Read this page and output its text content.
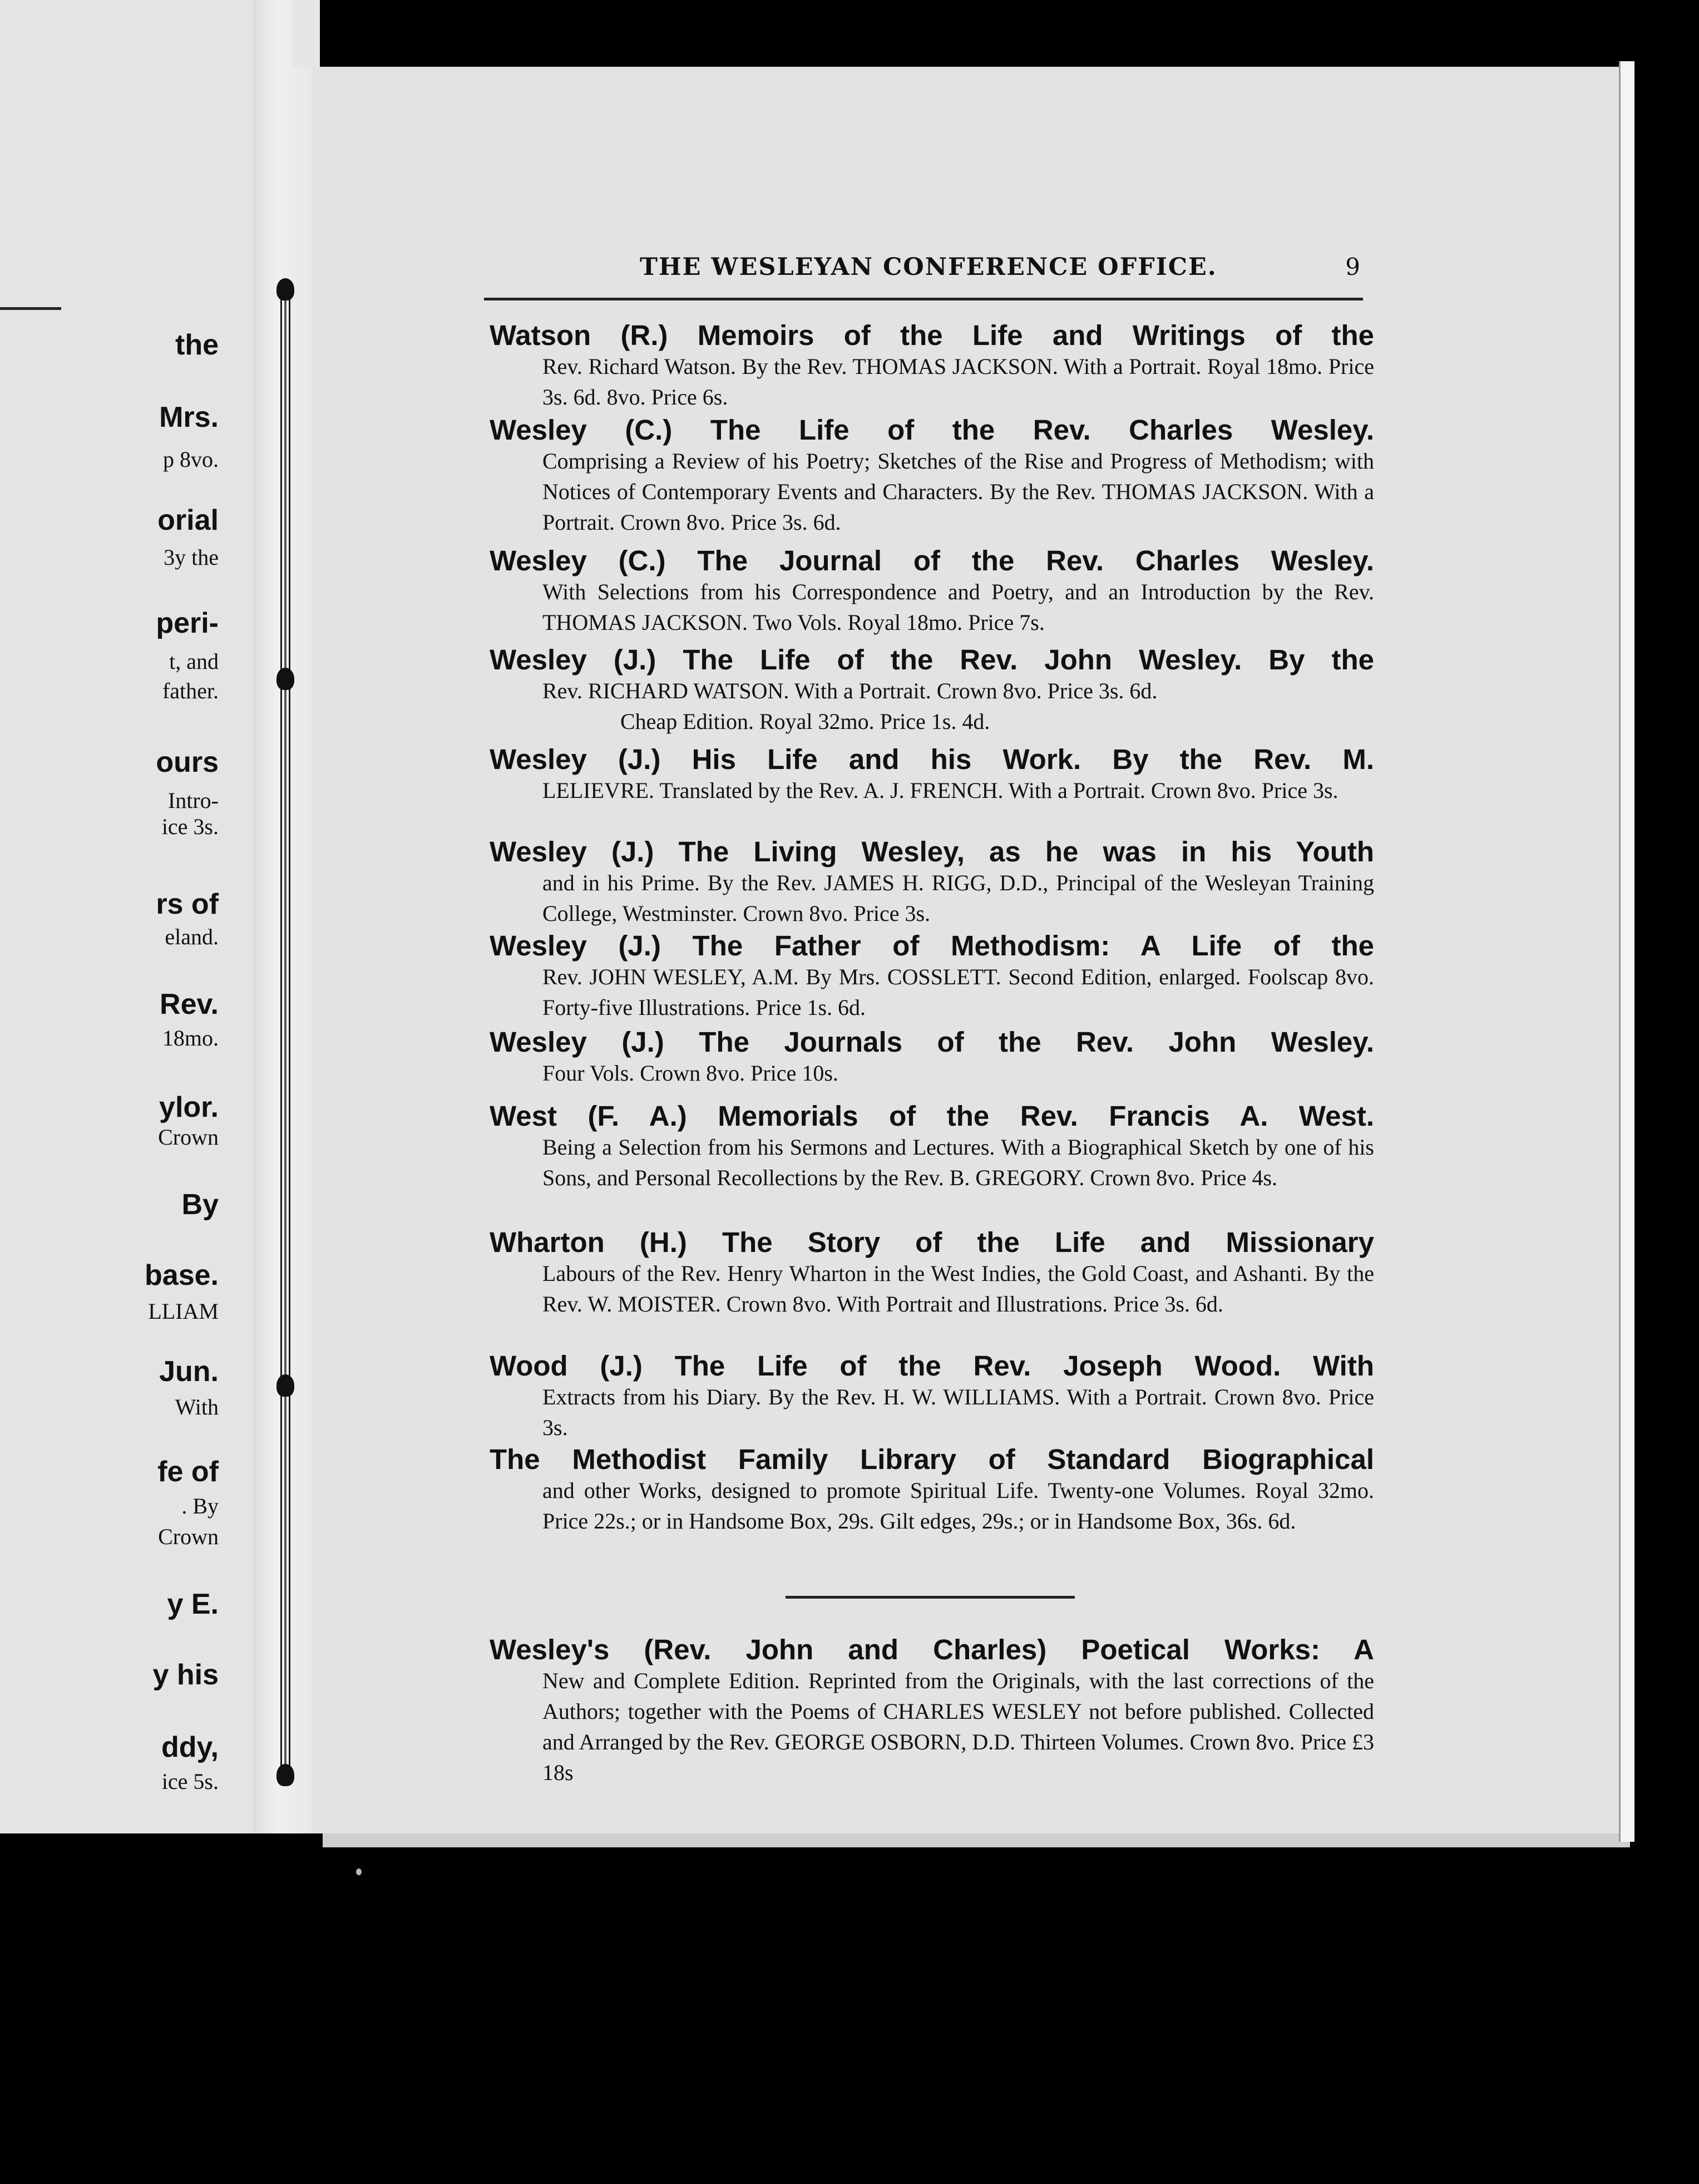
the
Mrs.
p 8vo.
orial
3y the
peri-
t, and
father.
ours
Intro-
ice 3s.
rs of
eland.
Rev.
18mo.
ylor.
Crown
By
base.
LLIAM
Jun.
With
fe of
. By
Crown
y E.
y his
ddy,
ice 5s.
THE WESLEYAN CONFERENCE OFFICE.	9
Watson (R.) Memoirs of the Life and Writings of the
Rev. Richard Watson. By the Rev. THOMAS JACKSON. With a Portrait. Royal 18mo. Price 3s. 6d. 8vo. Price 6s.
Wesley (C.) The Life of the Rev. Charles Wesley.
Comprising a Review of his Poetry; Sketches of the Rise and Progress of Methodism; with Notices of Contemporary Events and Characters. By the Rev. THOMAS JACKSON. With a Portrait. Crown 8vo. Price 3s. 6d.
Wesley (C.) The Journal of the Rev. Charles Wesley.
With Selections from his Correspondence and Poetry, and an Introduction by the Rev. THOMAS JACKSON. Two Vols. Royal 18mo. Price 7s.
Wesley (J.) The Life of the Rev. John Wesley. By the
Rev. RICHARD WATSON. With a Portrait. Crown 8vo. Price 3s. 6d.
Cheap Edition. Royal 32mo. Price 1s. 4d.
Wesley (J.) His Life and his Work. By the Rev. M.
LELIEVRE. Translated by the Rev. A. J. FRENCH. With a Portrait. Crown 8vo. Price 3s.
Wesley (J.) The Living Wesley, as he was in his Youth
and in his Prime. By the Rev. JAMES H. RIGG, D.D., Principal of the Wesleyan Training College, Westminster. Crown 8vo. Price 3s.
Wesley (J.) The Father of Methodism: A Life of the
Rev. JOHN WESLEY, A.M. By Mrs. COSSLETT. Second Edition, enlarged. Foolscap 8vo. Forty-five Illustrations. Price 1s. 6d.
Wesley (J.) The Journals of the Rev. John Wesley.
Four Vols. Crown 8vo. Price 10s.
West (F. A.) Memorials of the Rev. Francis A. West.
Being a Selection from his Sermons and Lectures. With a Biographical Sketch by one of his Sons, and Personal Recollections by the Rev. B. GREGORY. Crown 8vo. Price 4s.
Wharton (H.) The Story of the Life and Missionary
Labours of the Rev. Henry Wharton in the West Indies, the Gold Coast, and Ashanti. By the Rev. W. MOISTER. Crown 8vo. With Portrait and Illustrations. Price 3s. 6d.
Wood (J.) The Life of the Rev. Joseph Wood. With
Extracts from his Diary. By the Rev. H. W. WILLIAMS. With a Portrait. Crown 8vo. Price 3s.
The Methodist Family Library of Standard Biographical
and other Works, designed to promote Spiritual Life. Twenty-one Volumes. Royal 32mo. Price 22s.; or in Handsome Box, 29s. Gilt edges, 29s.; or in Handsome Box, 36s. 6d.
Wesley's (Rev. John and Charles) Poetical Works: A
New and Complete Edition. Reprinted from the Originals, with the last corrections of the Authors; together with the Poems of CHARLES WESLEY not before published. Collected and Arranged by the Rev. GEORGE OSBORN, D.D. Thirteen Volumes. Crown 8vo. Price £3 18s
